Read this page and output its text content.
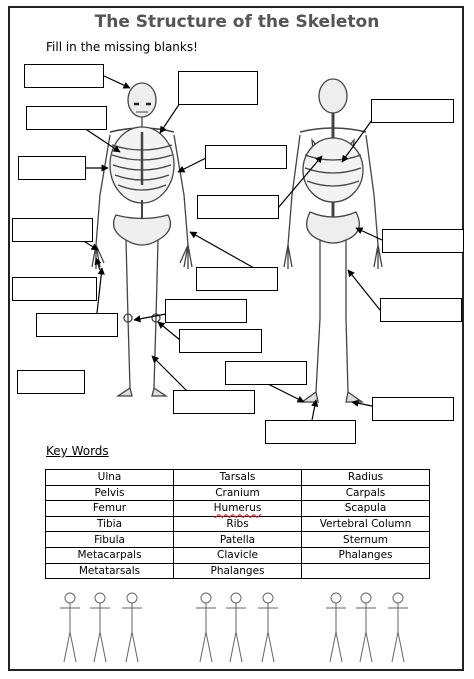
The Structure of the Skeleton
Fill in the missing blanks!
Key Words
Ulna	Tarsals	Radius
Pelvis	Cranium	Carpals
Femur	Humerus	Scapula
Tibia	Ribs	Vertebral Column
Fibula	Patella	Sternum
Metacarpals	Clavicle	Phalanges
Metatarsals	Phalanges	
